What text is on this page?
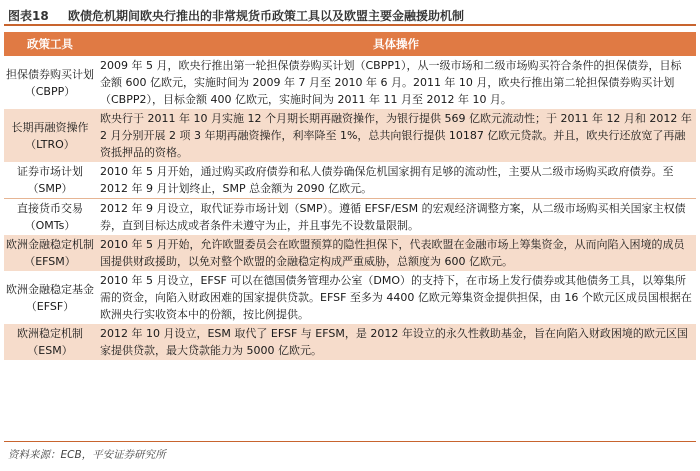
图表18 欧债危机期间欧央行推出的非常规货币政策工具以及欧盟主要金融援助机制
政策工具	具体操作
担保债券购买计划（CBPP）	2009 年 5 月，欧央行推出第一轮担保债券购买计划（CBPP1），从一级市场和二级市场购买符合条件的担保债券，目标金额 600 亿欧元，实施时间为 2009 年 7 月至 2010 年 6 月。2011 年 10 月，欧央行推出第二轮担保债券购买计划（CBPP2），目标金额 400 亿欧元，实施时间为 2011 年 11 月至 2012 年 10 月。
长期再融资操作（LTRO）	欧央行于 2011 年 10 月实施 12 个月期长期再融资操作，为银行提供 569 亿欧元流动性；于 2011 年 12 月和 2012 年 2 月分别开展 2 项 3 年期再融资操作，利率降至 1%，总共向银行提供 10187 亿欧元贷款。并且，欧央行还放宽了再融资抵押品的资格。
证券市场计划（SMP）	2010 年 5 月开始，通过购买政府债券和私人债券确保危机国家拥有足够的流动性，主要从二级市场购买政府债券。至 2012 年 9 月计划终止，SMP 总金额为 2090 亿欧元。
直接货币交易（OMTs）	2012 年 9 月设立，取代证券市场计划（SMP）。遵循 EFSF/ESM 的宏观经济调整方案，从二级市场购买相关国家主权债券，直到目标达成或者条件未遵守为止，并且事先不设数量限制。
欧洲金融稳定机制（EFSM）	2010 年 5 月开始，允许欧盟委员会在欧盟预算的隐性担保下，代表欧盟在金融市场上筹集资金，从而向陷入困境的成员国提供财政援助，以免对整个欧盟的金融稳定构成严重威胁，总额度为 600 亿欧元。
欧洲金融稳定基金（EFSF）	2010 年 5 月设立，EFSF 可以在德国债务管理办公室（DMO）的支持下，在市场上发行债券或其他债务工具，以筹集所需的资金，向陷入财政困难的国家提供贷款。EFSF 至多为 4400 亿欧元筹集资金提供担保，由 16 个欧元区成员国根据在欧洲央行实收资本中的份额，按比例提供。
欧洲稳定机制（ESM）	2012 年 10 月设立，ESM 取代了 EFSF 与 EFSM，是 2012 年设立的永久性救助基金，旨在向陷入财政困境的欧元区国家提供贷款，最大贷款能力为 5000 亿欧元。
资料来源：ECB，平安证券研究所
